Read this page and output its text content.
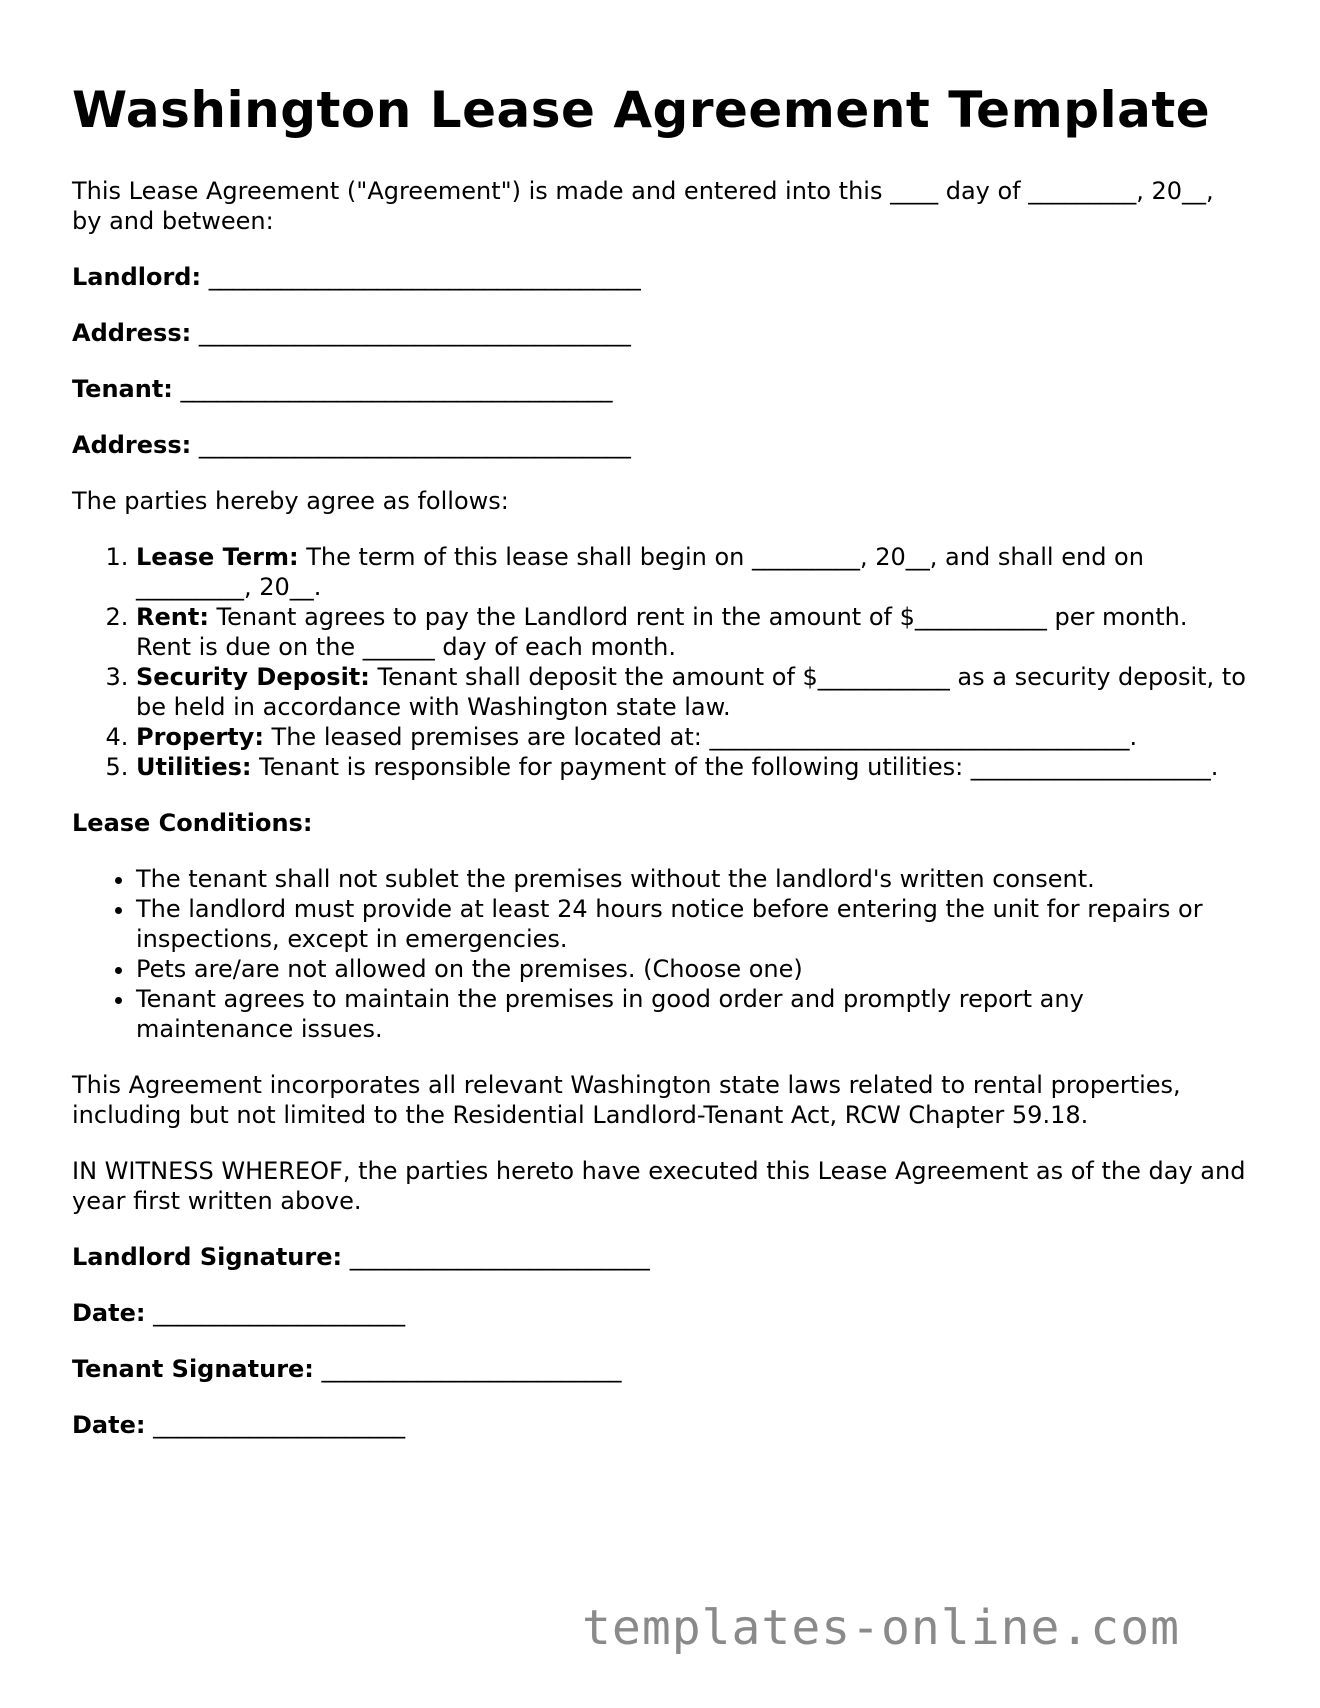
Washington Lease Agreement Template

This Lease Agreement ("Agreement") is made and entered into this ____ day of _________, 20__, by and between:

Landlord: ____________________________________
Address: ____________________________________
Tenant: ____________________________________
Address: ____________________________________

The parties hereby agree as follows:

1. Lease Term: The term of this lease shall begin on _________, 20__, and shall end on _________, 20__.
2. Rent: Tenant agrees to pay the Landlord rent in the amount of $___________ per month. Rent is due on the ______ day of each month.
3. Security Deposit: Tenant shall deposit the amount of $___________ as a security deposit, to be held in accordance with Washington state law.
4. Property: The leased premises are located at: ___________________________________.
5. Utilities: Tenant is responsible for payment of the following utilities: ____________________.
Lease Conditions:
• The tenant shall not sublet the premises without the landlord's written consent.
• The landlord must provide at least 24 hours notice before entering the unit for repairs or inspections, except in emergencies.
• Pets are/are not allowed on the premises. (Choose one)
• Tenant agrees to maintain the premises in good order and promptly report any maintenance issues.

This Agreement incorporates all relevant Washington state laws related to rental properties, including but not limited to the Residential Landlord-Tenant Act, RCW Chapter 59.18.

IN WITNESS WHEREOF, the parties hereto have executed this Lease Agreement as of the day and year first written above.

Landlord Signature: _________________________
Date: _____________________
Tenant Signature: _________________________
Date: _____________________
templates-online.com
